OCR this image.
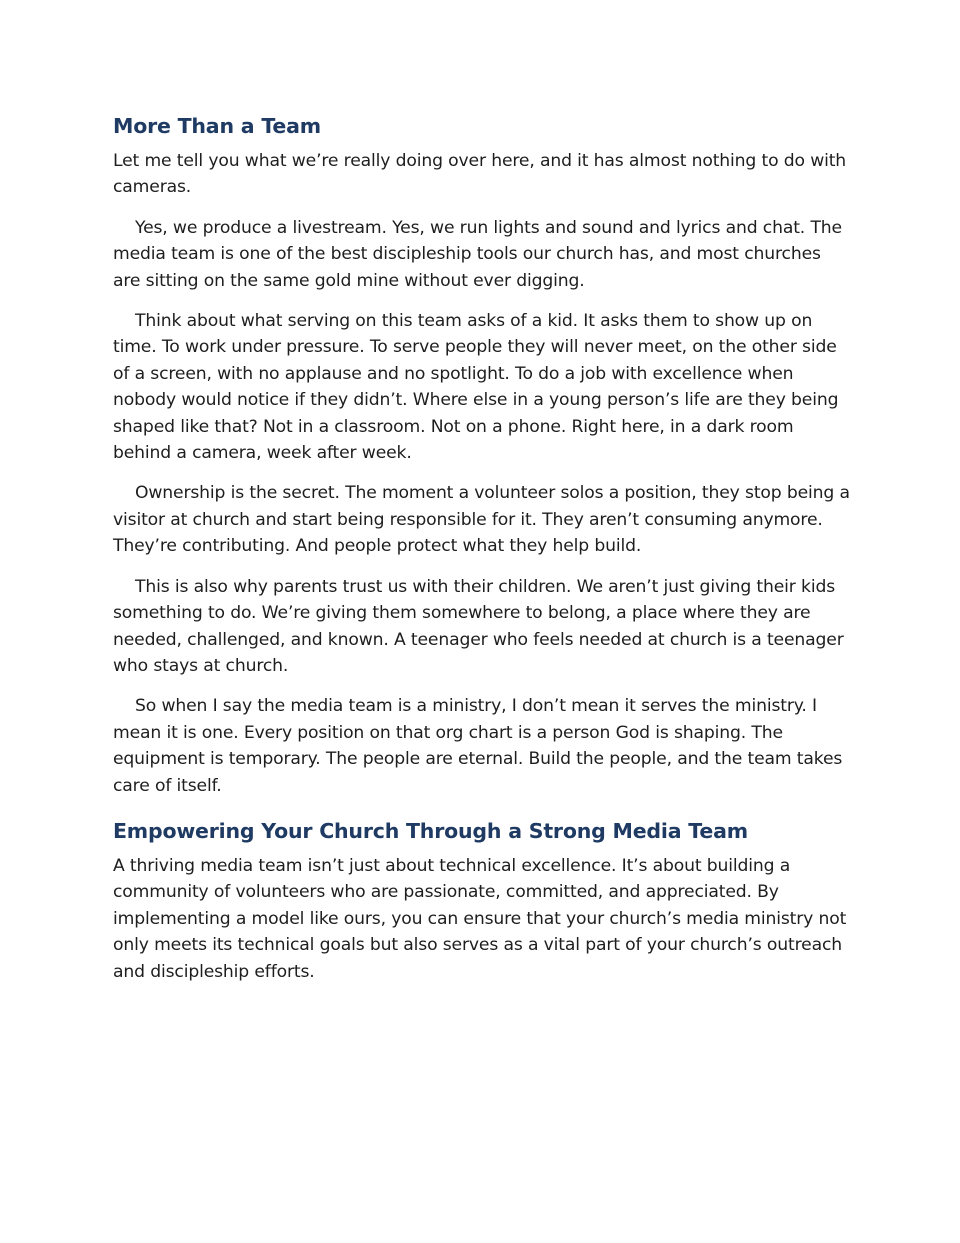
More Than a Team

Let me tell you what we’re really doing over here, and it has almost nothing to do with cameras.

Yes, we produce a livestream. Yes, we run lights and sound and lyrics and chat. The media team is one of the best discipleship tools our church has, and most churches are sitting on the same gold mine without ever digging.

Think about what serving on this team asks of a kid. It asks them to show up on time. To work under pressure. To serve people they will never meet, on the other side of a screen, with no applause and no spotlight. To do a job with excellence when nobody would notice if they didn’t. Where else in a young person’s life are they being shaped like that? Not in a classroom. Not on a phone. Right here, in a dark room behind a camera, week after week.

Ownership is the secret. The moment a volunteer solos a position, they stop being a visitor at church and start being responsible for it. They aren’t consuming anymore. They’re contributing. And people protect what they help build.

This is also why parents trust us with their children. We aren’t just giving their kids something to do. We’re giving them somewhere to belong, a place where they are needed, challenged, and known. A teenager who feels needed at church is a teenager who stays at church.

So when I say the media team is a ministry, I don’t mean it serves the ministry. I mean it is one. Every position on that org chart is a person God is shaping. The equipment is temporary. The people are eternal. Build the people, and the team takes care of itself.

Empowering Your Church Through a Strong Media Team

A thriving media team isn’t just about technical excellence. It’s about building a community of volunteers who are passionate, committed, and appreciated. By implementing a model like ours, you can ensure that your church’s media ministry not only meets its technical goals but also serves as a vital part of your church’s outreach and discipleship efforts.
